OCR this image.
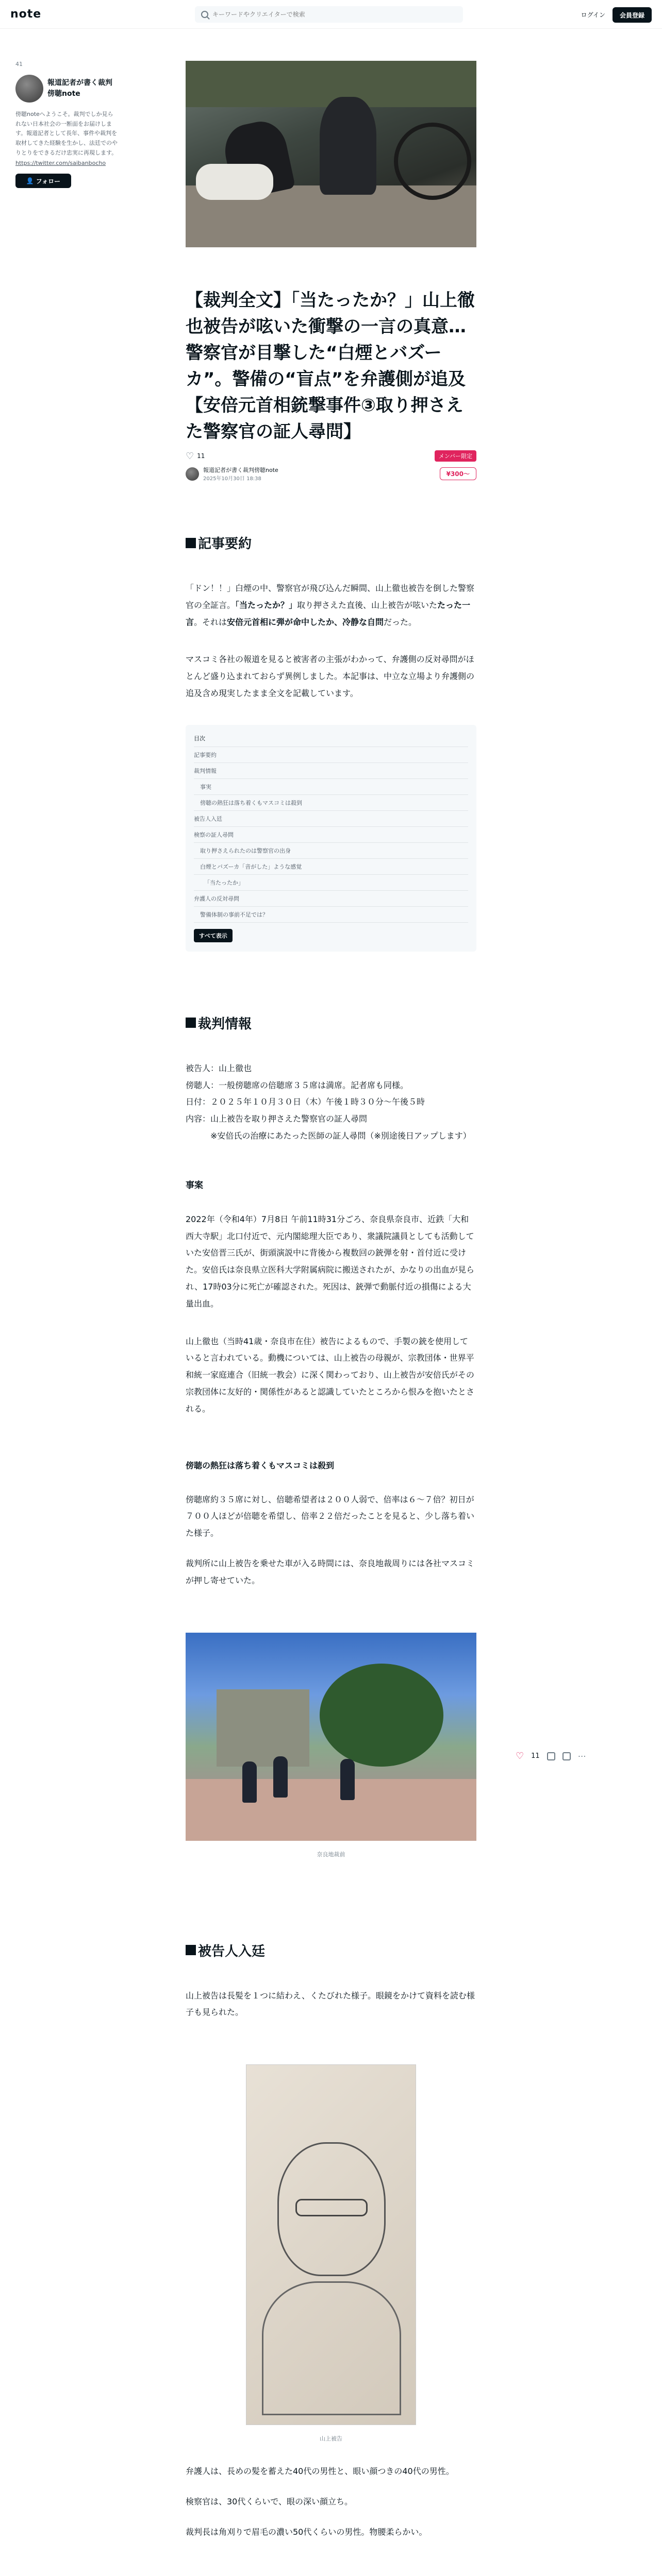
note
キーワードやクリエイターで検索	ログイン	会員登録
41
報道記者が書く裁判傍聴note
傍聴noteへようこそ。裁判でしか見られない日本社会の一断面をお届けします。報道記者として長年、事件や裁判を取材してきた経験を生かし、法廷でのやりとりをできるだけ忠実に再現します。
https://twitter.com/saibanbocho
👤 フォロー
【裁判全文】「当たったか？」山上徹也被告が呟いた衝撃の一言の真意…警察官が目撃した“白煙とバズーカ”。警備の“盲点”を弁護側が追及【安倍元首相銃撃事件③取り押さえた警察官の証人尋問】
♡ 11	メンバー限定
報道記者が書く裁判傍聴note
2025年10月30日 18:38
¥300〜
記事要約

「ドン！！」白煙の中、警察官が飛び込んだ瞬間、山上徹也被告を倒した警察官の全証言。「当たったか？」取り押さえた直後、山上被告が呟いたたった一言。それは安倍元首相に弾が命中したか、冷静な自問だった。

マスコミ各社の報道を見ると被害者の主張がわかって、弁護側の反対尋問がほとんど盛り込まれておらず異例しました。本記事は、中立な立場より弁護側の追及含め現実したまま全文を記載しています。

目次
記事要約
裁判情報
事実
傍聴の熱狂は落ち着くもマスコミは殺到
被告人入廷
検察の証人尋問
取り押さえられたのは警察官の出身
白煙とバズーカ「音がした」ような感覚
「当たったか」
弁護人の反対尋問
警備体制の事前不足では？
すべて表示
裁判情報
被告人：山上徹也
傍聴人：一般傍聴席の倍聴席３５席は満席。記者席も同様。
日付：２０２５年１０月３０日（木）午後１時３０分〜午後５時
内容：山上被告を取り押さえた警察官の証人尋問
　　　※安倍氏の治療にあたった医師の証人尋問（※別途後日アップします）
事案

2022年（令和4年）7月8日 午前11時31分ごろ、奈良県奈良市、近鉄「大和西大寺駅」北口付近で、元内閣総理大臣であり、衆議院議員としても活動していた安倍晋三氏が、街頭演説中に背後から複数回の銃弾を射・首付近に受けた。安倍氏は奈良県立医科大学附属病院に搬送されたが、かなりの出血が見られ、17時03分に死亡が確認された。死因は、銃弾で動脈付近の損傷による大量出血。

山上徹也（当時41歳・奈良市在住）被告によるもので、手製の銃を使用していると言われている。動機については、山上被告の母親が、宗教団体・世界平和統一家庭連合（旧統一教会）に深く関わっており、山上被告が安倍氏がその宗教団体に友好的・関係性があると認識していたところから恨みを抱いたとされる。

傍聴の熱狂は落ち着くもマスコミは殺到

傍聴席約３５席に対し、倍聴希望者は２００人弱で、倍率は６〜７倍？初日が７００人ほどが倍聴を希望し、倍率２２倍だったことを見ると、少し落ち着いた様子。

裁判所に山上被告を乗せた車が入る時間には、奈良地裁周りには各社マスコミが押し寄せていた。

奈良地裁前
被告人入廷

山上被告は長髪を１つに結わえ、くたびれた様子。眼鏡をかけて資料を読む様子も見られた。

山上被告

弁護人は、長めの髪を蓄えた40代の男性と、眼い顔つきの40代の男性。

検察官は、30代くらいで、眼の深い顔立ち。

裁判長は角刈りで眉毛の濃い50代くらいの男性。物腰柔らかい。

♡ 11	⋯
